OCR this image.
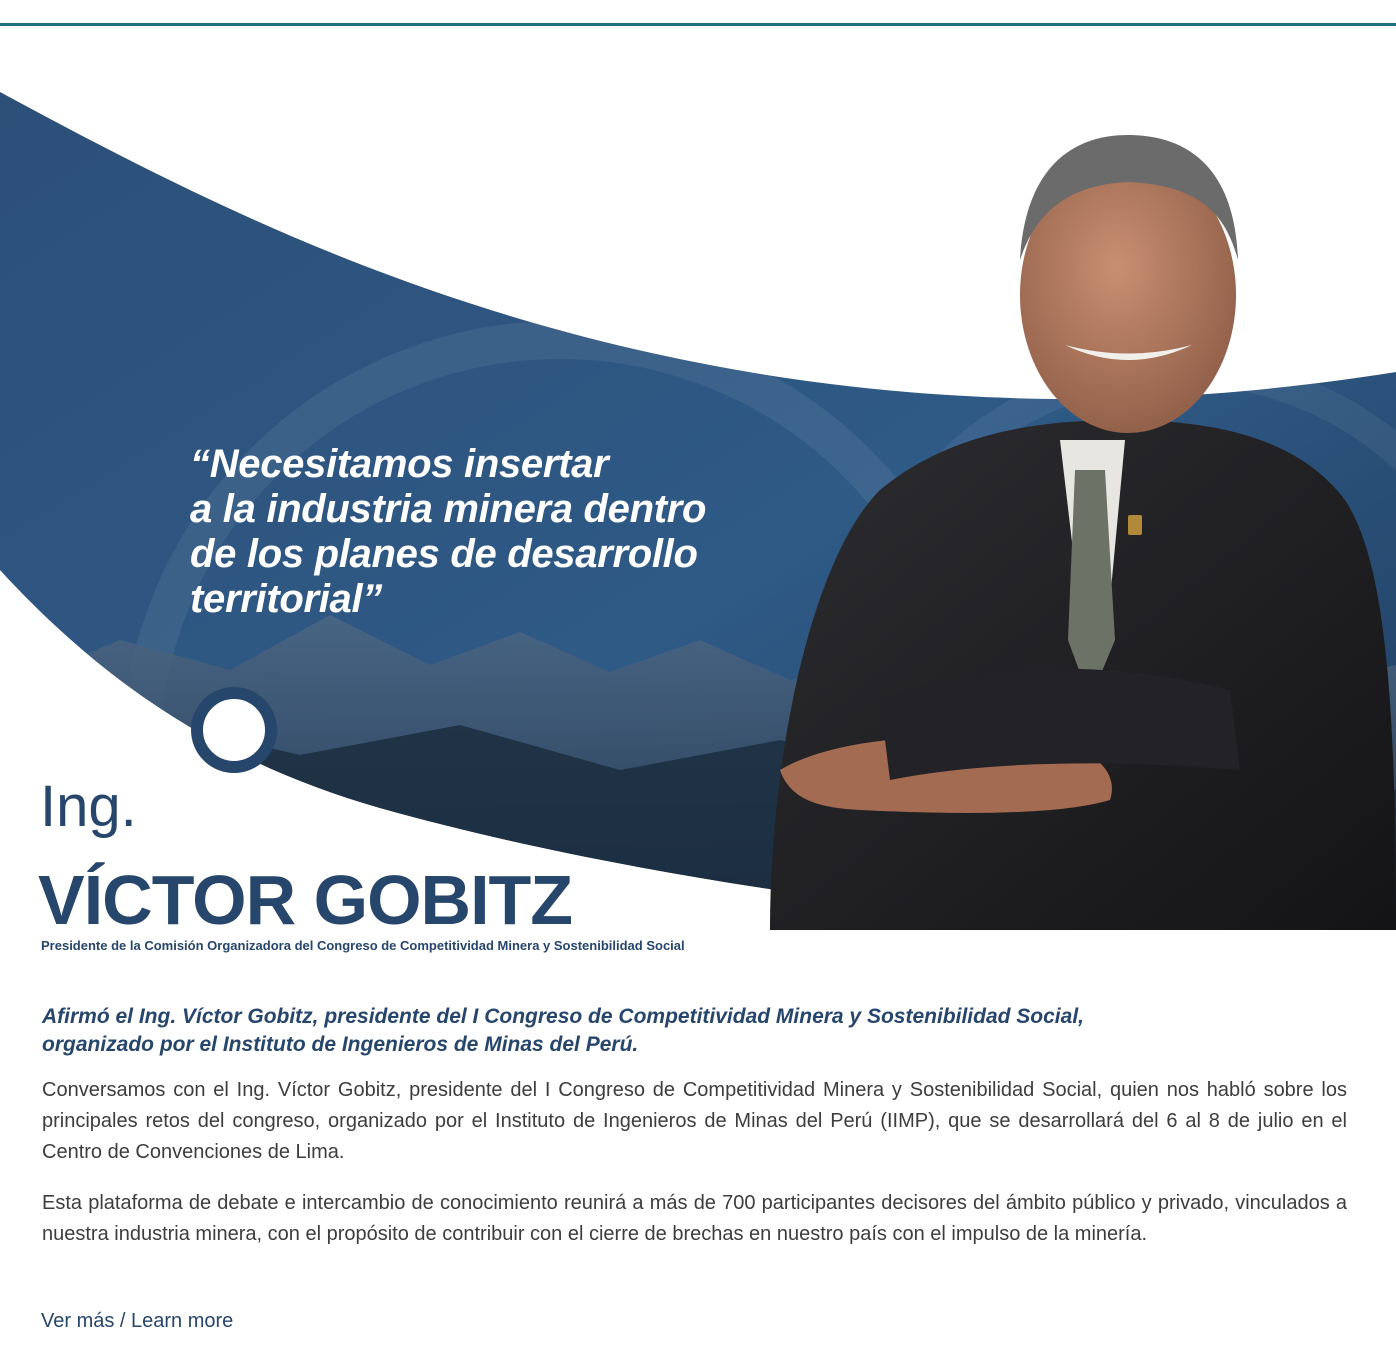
“Necesitamos insertar
a la industria minera dentro
de los planes de desarrollo
territorial”

Ing.

VÍCTOR GOBITZ

Presidente de la Comisión Organizadora del Congreso de Competitividad Minera y Sostenibilidad Social

Afirmó el Ing. Víctor Gobitz, presidente del I Congreso de Competitividad Minera y Sostenibilidad Social,
organizado por el Instituto de Ingenieros de Minas del Perú.

Conversamos con el Ing. Víctor Gobitz, presidente del I Congreso de Competitividad Minera y Sostenibilidad Social, quien nos habló sobre los principales retos del congreso, organizado por el Instituto de Ingenieros de Minas del Perú (IIMP), que se desarrollará del 6 al 8 de julio en el Centro de Convenciones de Lima.

Esta plataforma de debate e intercambio de conocimiento reunirá a más de 700 participantes decisores del ámbito público y privado, vinculados a nuestra industria minera, con el propósito de contribuir con el cierre de brechas en nuestro país con el impulso de la minería.

Ver más / Learn more
